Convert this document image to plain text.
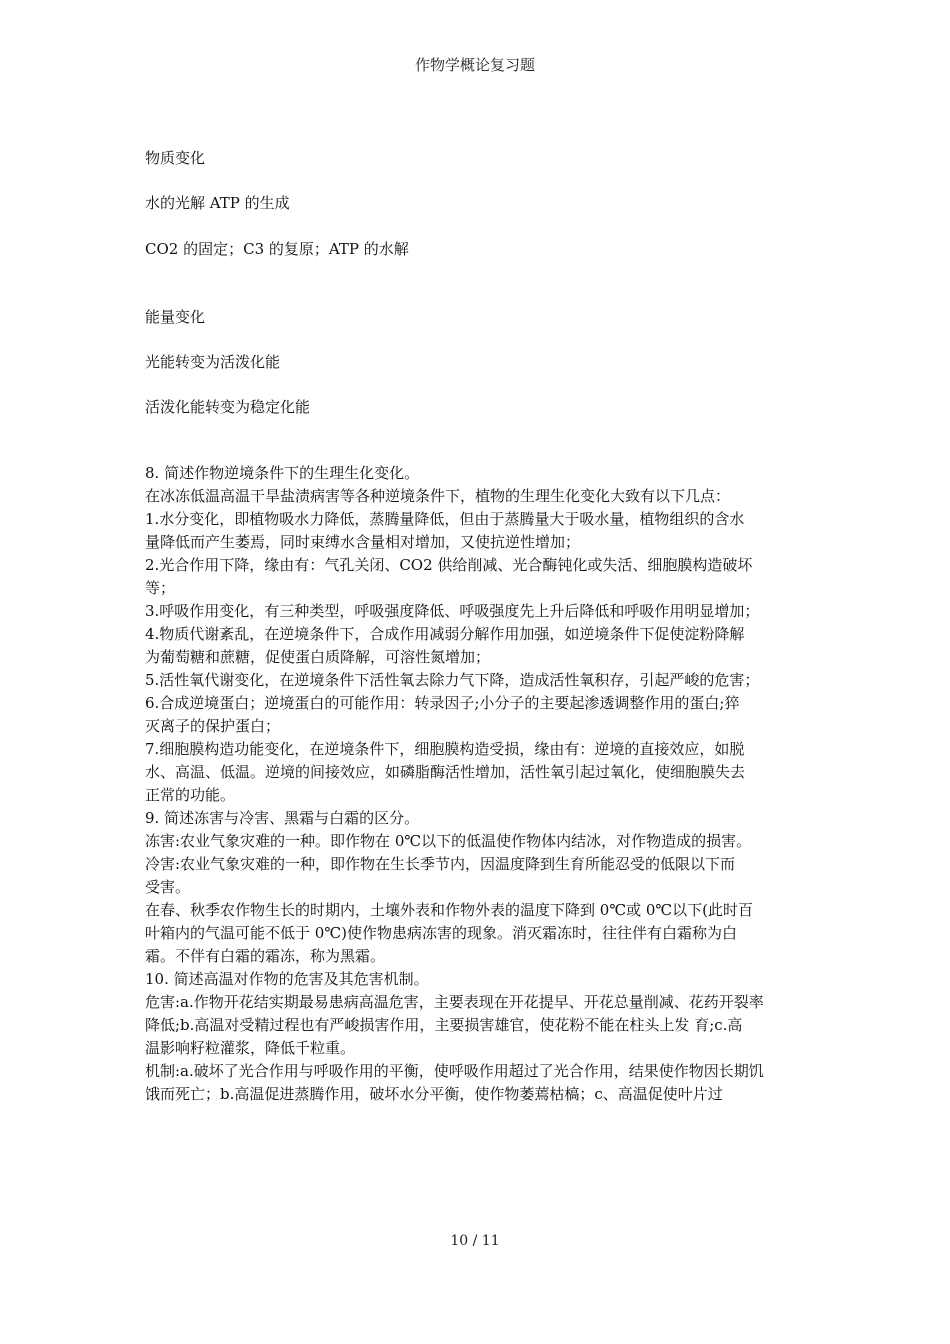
作物学概论复习题

物质变化

水的光解 ATP 的生成

CO2 的固定；C3 的复原；ATP 的水解

能量变化

光能转变为活泼化能

活泼化能转变为稳定化能

8. 简述作物逆境条件下的生理生化变化。

在冰冻低温高温干旱盐渍病害等各种逆境条件下，植物的生理生化变化大致有以下几点：

1.水分变化，即植物吸水力降低，蒸腾量降低，但由于蒸腾量大于吸水量，植物组织的含水

量降低而产生萎焉，同时束缚水含量相对增加，又使抗逆性增加；

2.光合作用下降，缘由有：气孔关闭、CO2 供给削减、光合酶钝化或失活、细胞膜构造破坏

等；

3.呼吸作用变化，有三种类型，呼吸强度降低、呼吸强度先上升后降低和呼吸作用明显增加；

4.物质代谢紊乱，在逆境条件下，合成作用减弱分解作用加强，如逆境条件下促使淀粉降解

为葡萄糖和蔗糖，促使蛋白质降解，可溶性氮增加；

5.活性氧代谢变化，在逆境条件下活性氧去除力气下降，造成活性氧积存，引起严峻的危害；

6.合成逆境蛋白；逆境蛋白的可能作用：转录因子;小分子的主要起渗透调整作用的蛋白;猝

灭离子的保护蛋白；

7.细胞膜构造功能变化，在逆境条件下，细胞膜构造受损，缘由有：逆境的直接效应，如脱

水、高温、低温。逆境的间接效应，如磷脂酶活性增加，活性氧引起过氧化，使细胞膜失去

正常的功能。

9. 简述冻害与冷害、黑霜与白霜的区分。

冻害:农业气象灾难的一种。即作物在 0℃以下的低温使作物体内结冰，对作物造成的损害。

冷害:农业气象灾难的一种，即作物在生长季节内，因温度降到生育所能忍受的低限以下而

受害。

在春、秋季农作物生长的时期内，土壤外表和作物外表的温度下降到 0℃或 0℃以下(此时百

叶箱内的气温可能不低于 0℃)使作物患病冻害的现象。消灭霜冻时，往往伴有白霜称为白

霜。不伴有白霜的霜冻，称为黑霜。

10. 简述高温对作物的危害及其危害机制。

危害:a.作物开花结实期最易患病高温危害，主要表现在开花提早、开花总量削减、花药开裂率

降低;b.高温对受精过程也有严峻损害作用，主要损害雄官，使花粉不能在柱头上发 育;c.高

温影响籽粒灌浆，降低千粒重。

机制:a.破坏了光合作用与呼吸作用的平衡，使呼吸作用超过了光合作用，结果使作物因长期饥

饿而死亡；b.高温促进蒸腾作用，破坏水分平衡，使作物萎蔫枯槁；c、高温促使叶片过

10 / 11
